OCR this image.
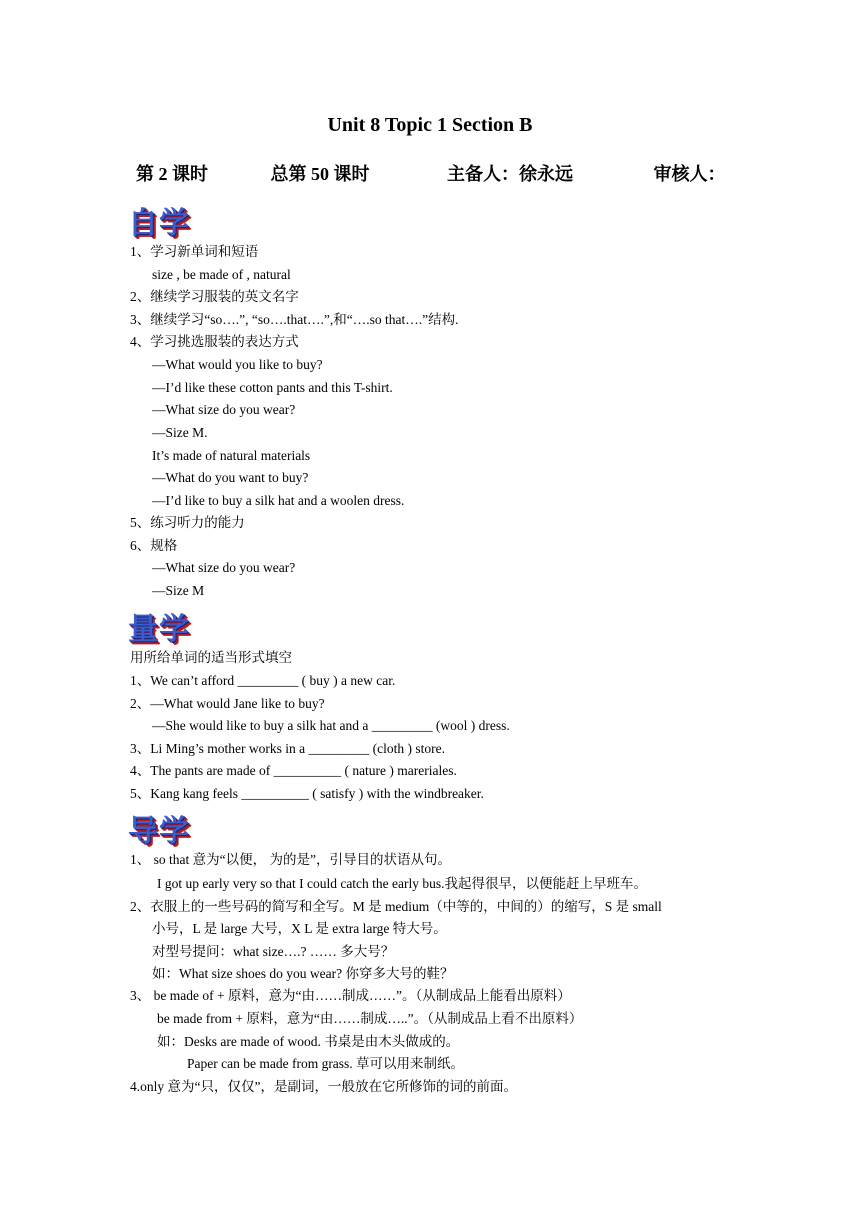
Unit 8 Topic 1 Section B
第 2 课时	总第 50 课时	主备人：徐永远	审核人：
自学
1、学习新单词和短语
size , be made of , natural
2、继续学习服装的英文名字
3、继续学习“so….”, “so….that….”,和“….so that….”结构.
4、学习挑选服装的表达方式
—What would you like to buy?
—I’d like these cotton pants and this T-shirt.
—What size do you wear?
—Size M.
It’s made of natural materials
—What do you want to buy?
—I’d like to buy a silk hat and a woolen dress.
5、练习听力的能力
6、规格
—What size do you wear?
—Size M
量学
用所给单词的适当形式填空
1、We can’t afford _________ ( buy ) a new car.
2、—What would Jane like to buy?
—She would like to buy a silk hat and a _________ (wool ) dress.
3、Li Ming’s mother works in a _________ (cloth ) store.
4、The pants are made of __________ ( nature ) mareriales.
5、Kang kang feels __________ ( satisfy ) with the windbreaker.
导学
1、 so that 意为“以便， 为的是”，引导目的状语从句。
I got up early very so that I could catch the early bus.我起得很早，以便能赶上早班车。
2、衣服上的一些号码的简写和全写。M 是 medium（中等的，中间的）的缩写，S 是 small
小号，L 是 large 大号，X L 是 extra large 特大号。
对型号提问：what size….? …… 多大号？
如：What size shoes do you wear? 你穿多大号的鞋？
3、 be made of + 原料，意为“由……制成……”。（从制成品上能看出原料）
be made from + 原料，意为“由……制成…..”。（从制成品上看不出原料）
如：Desks are made of wood. 书桌是由木头做成的。
Paper can be made from grass. 草可以用来制纸。
4.only 意为“只，仅仅”，是副词，一般放在它所修饰的词的前面。
